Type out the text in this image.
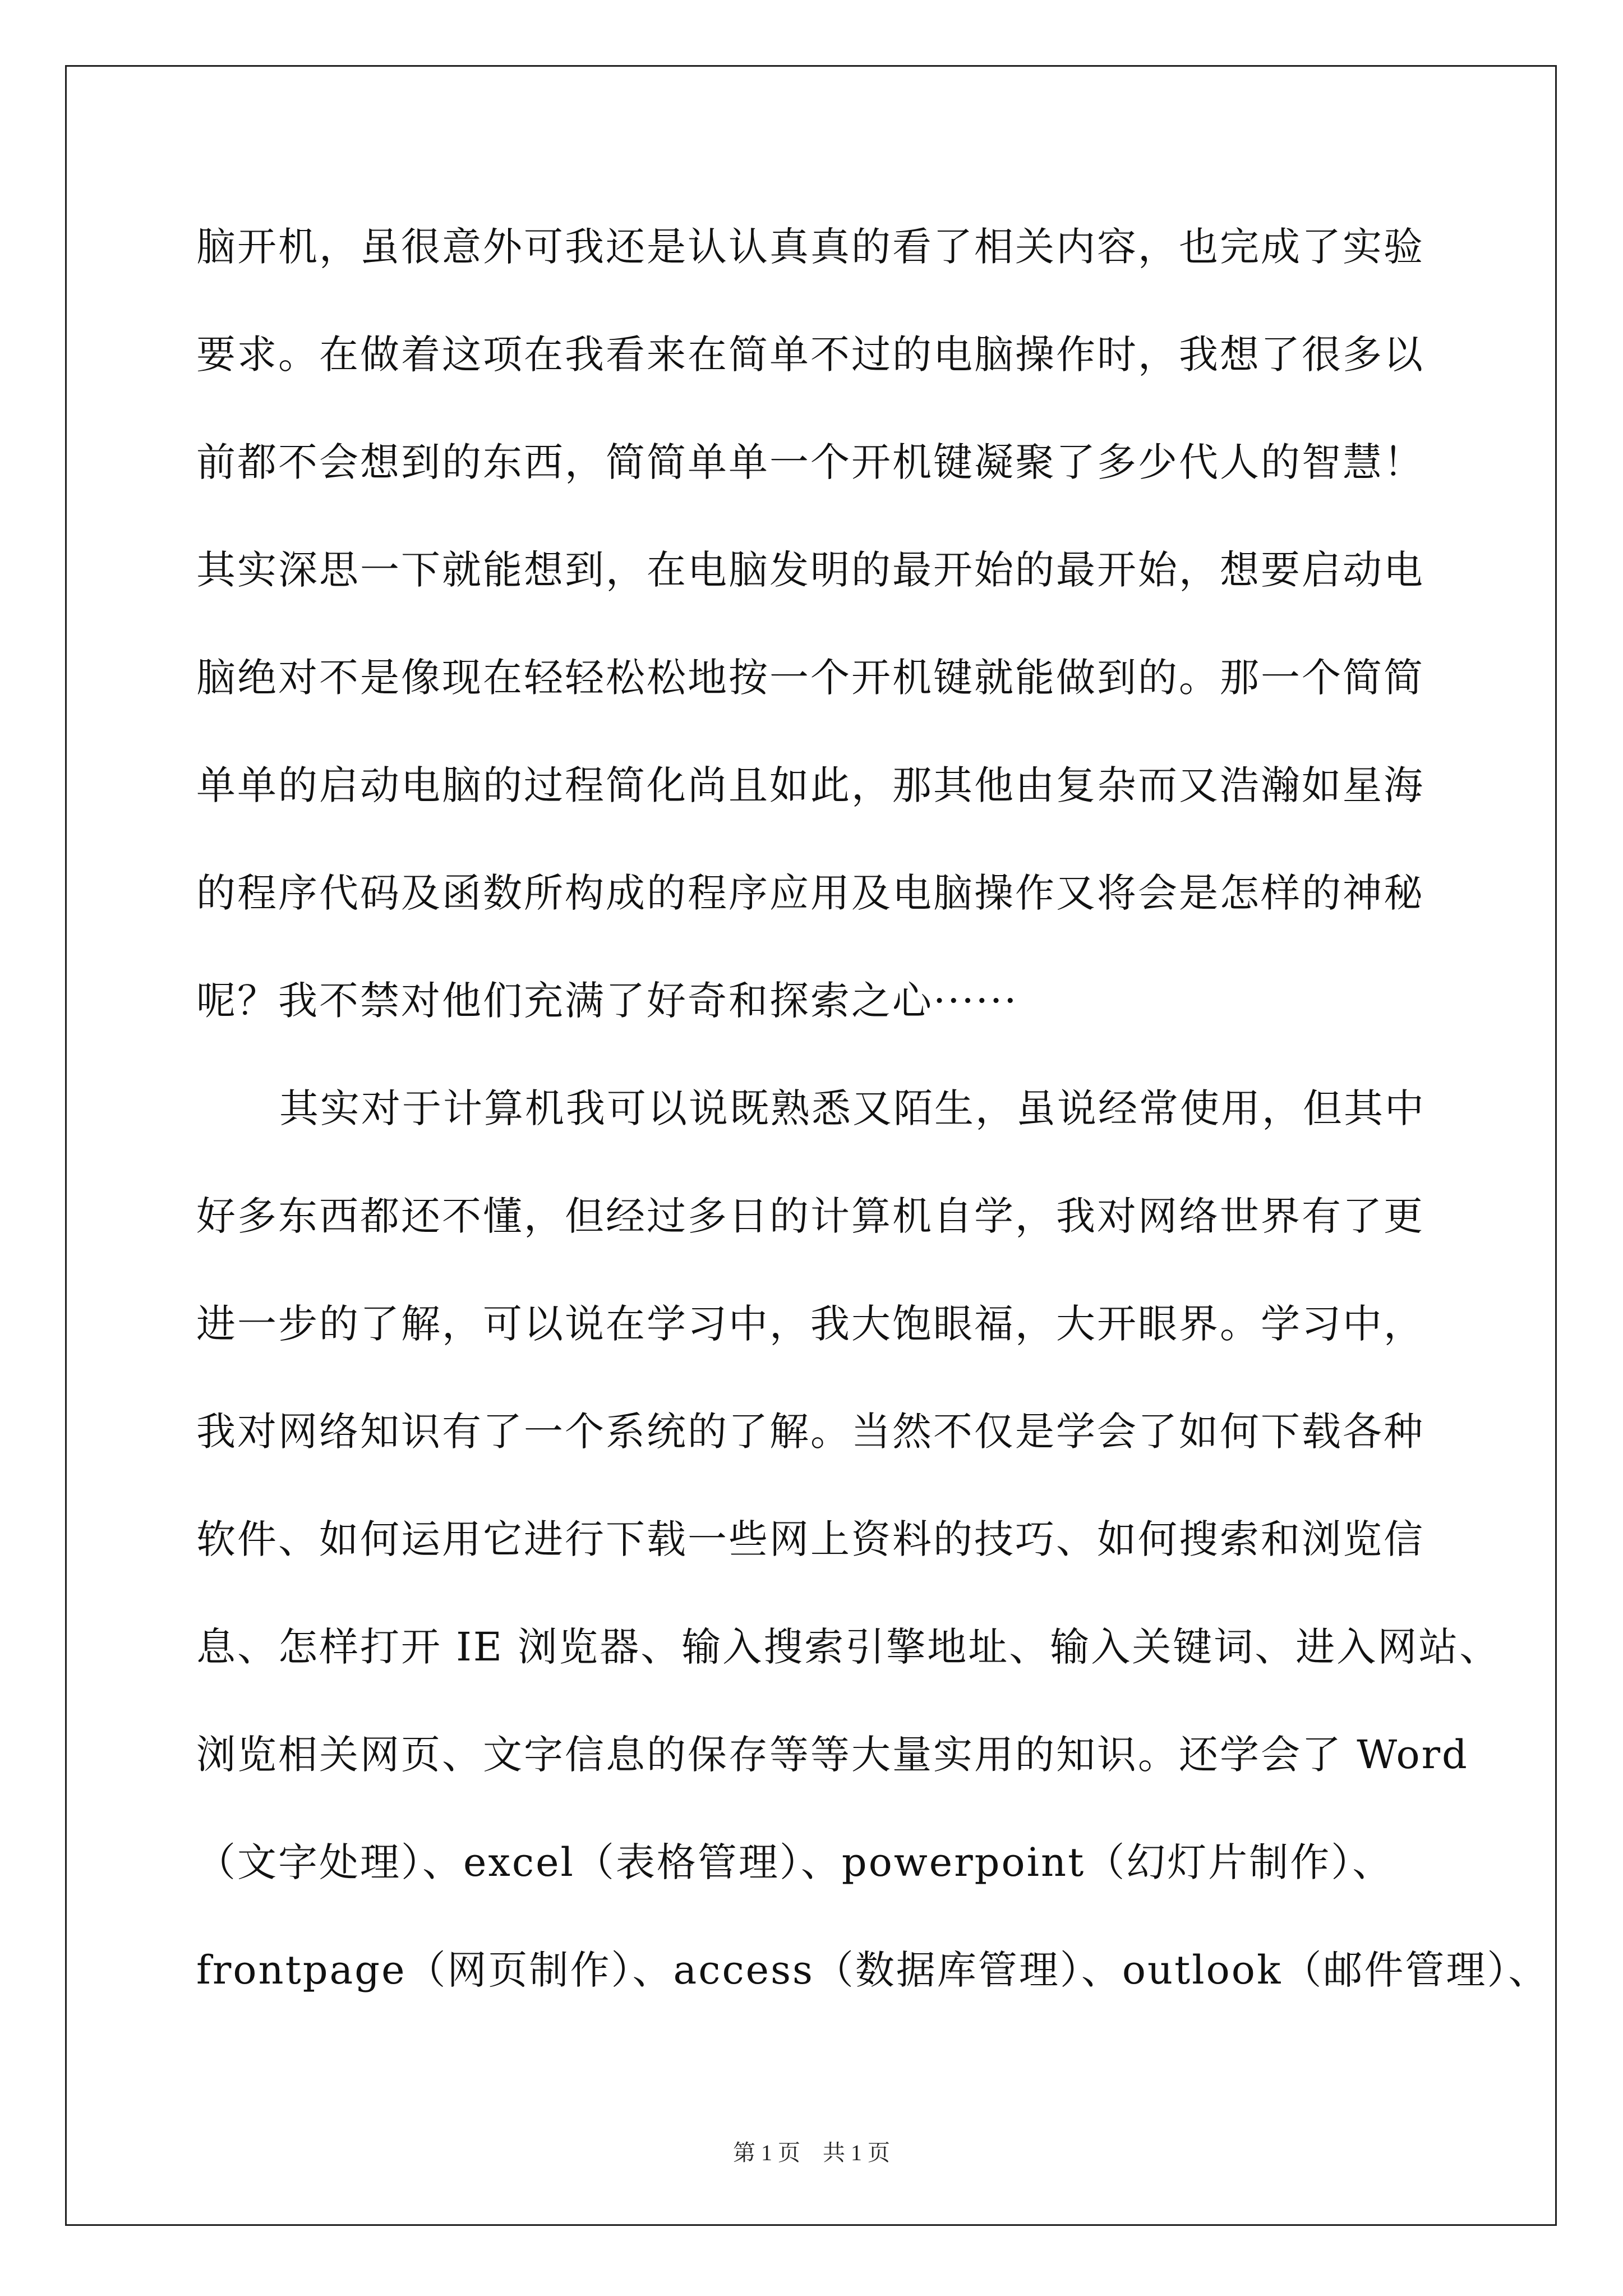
脑开机，虽很意外可我还是认认真真的看了相关内容，也完成了实验
要求。在做着这项在我看来在简单不过的电脑操作时，我想了很多以
前都不会想到的东西，简简单单一个开机键凝聚了多少代人的智慧！
其实深思一下就能想到，在电脑发明的最开始的最开始，想要启动电
脑绝对不是像现在轻轻松松地按一个开机键就能做到的。那一个简简
单单的启动电脑的过程简化尚且如此，那其他由复杂而又浩瀚如星海
的程序代码及函数所构成的程序应用及电脑操作又将会是怎样的神秘
呢？我不禁对他们充满了好奇和探索之心······
其实对于计算机我可以说既熟悉又陌生，虽说经常使用，但其中
好多东西都还不懂，但经过多日的计算机自学，我对网络世界有了更
进一步的了解，可以说在学习中，我大饱眼福，大开眼界。学习中，
我对网络知识有了一个系统的了解。当然不仅是学会了如何下载各种
软件、如何运用它进行下载一些网上资料的技巧、如何搜索和浏览信
息、怎样打开 IE 浏览器、输入搜索引擎地址、输入关键词、进入网站、
浏览相关网页、文字信息的保存等等大量实用的知识。还学会了 Word
（文字处理）、excel（表格管理）、powerpoint（幻灯片制作）、
frontpage（网页制作）、access（数据库管理）、outlook（邮件管理）、
第 1 页　共 1 页
